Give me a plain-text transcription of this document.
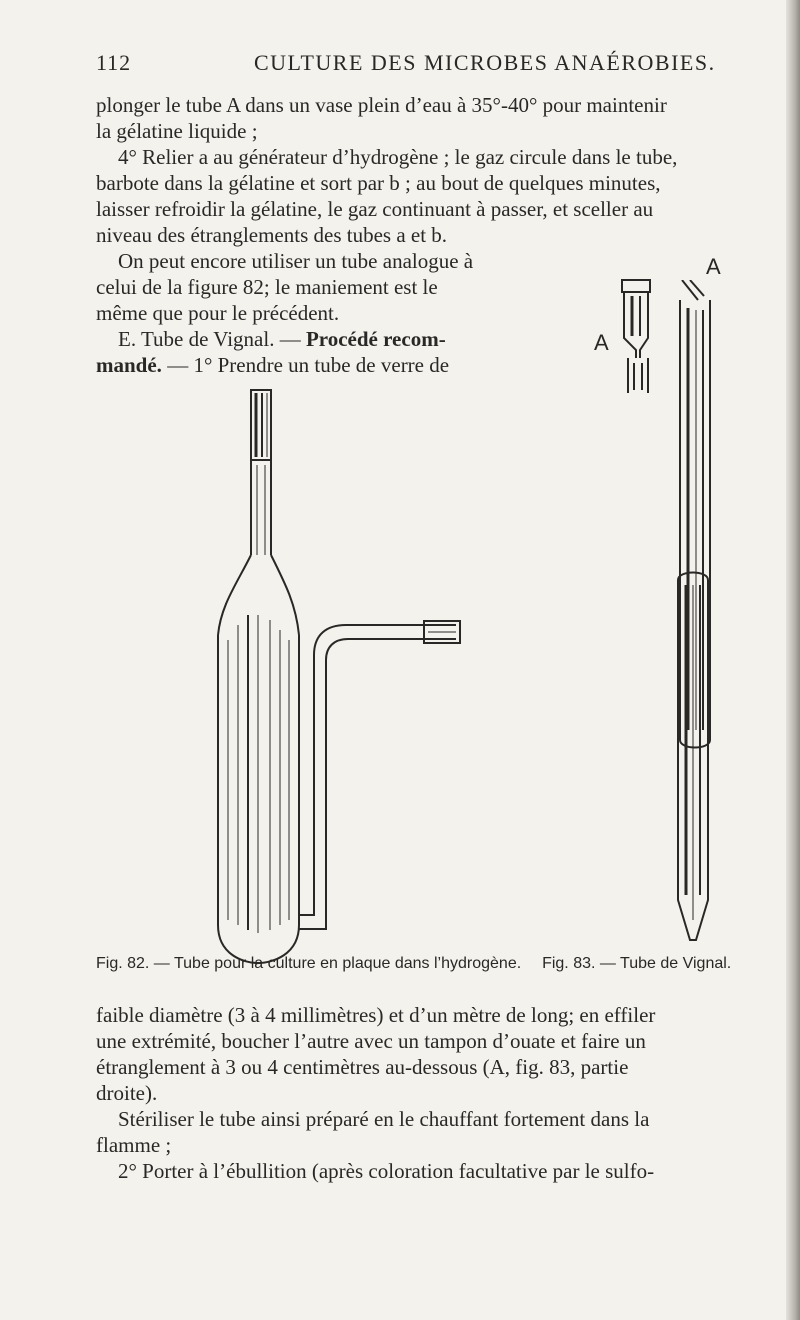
112	CULTURE DES MICROBES ANAÉROBIES.
plonger le tube A dans un vase plein d’eau à 35°-40° pour maintenir
la gélatine liquide ;
4° Relier a au générateur d’hydrogène ; le gaz circule dans le tube,
barbote dans la gélatine et sort par b ; au bout de quelques minutes,
laisser refroidir la gélatine, le gaz continuant à passer, et sceller au
niveau des étranglements des tubes a et b.
On peut encore utiliser un tube analogue à
celui de la figure 82; le maniement est le
même que pour le précédent.
E. Tube de Vignal. — Procédé recom-
mandé. — 1° Prendre un tube de verre de
A
A
Fig. 82. — Tube pour la culture en plaque dans l’hydrogène. Fig. 83. — Tube de Vignal.
faible diamètre (3 à 4 millimètres) et d’un mètre de long; en effiler
une extrémité, boucher l’autre avec un tampon d’ouate et faire un
étranglement à 3 ou 4 centimètres au-dessous (A, fig. 83, partie
droite).
Stériliser le tube ainsi préparé en le chauffant fortement dans la
flamme ;
2° Porter à l’ébullition (après coloration facultative par le sulfo-
